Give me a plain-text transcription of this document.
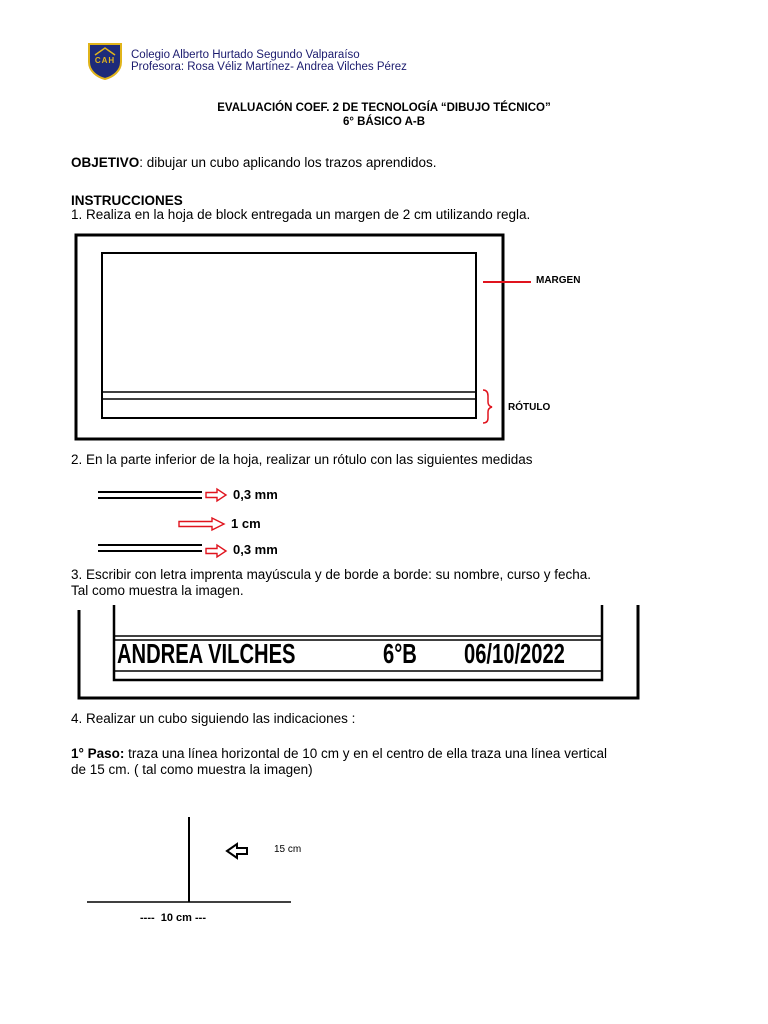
CAH	Colegio Alberto Hurtado Segundo Valparaíso
Profesora: Rosa Véliz Martínez- Andrea Vilches Pérez
EVALUACIÓN COEF. 2 DE TECNOLOGÍA “DIBUJO TÉCNICO”
6° BÁSICO A-B
OBJETIVO: dibujar un cubo aplicando los trazos aprendidos.
INSTRUCCIONES
1. Realiza en la hoja de block entregada un margen de 2 cm utilizando regla.
MARGEN
RÓTULO
2. En la parte inferior de la hoja, realizar un rótulo con las siguientes medidas
0,3 mm
1 cm
0,3 mm
3. Escribir con letra imprenta mayúscula y de borde a borde: su nombre, curso y fecha.
Tal como muestra la imagen.
ANDREA VILCHES	6°B 06/10/2022
4. Realizar un cubo siguiendo las indicaciones :
1° Paso: traza una línea horizontal de 10 cm y en el centro de ella traza una línea vertical
de 15 cm. ( tal como muestra la imagen)
15 cm
----  10 cm ---
